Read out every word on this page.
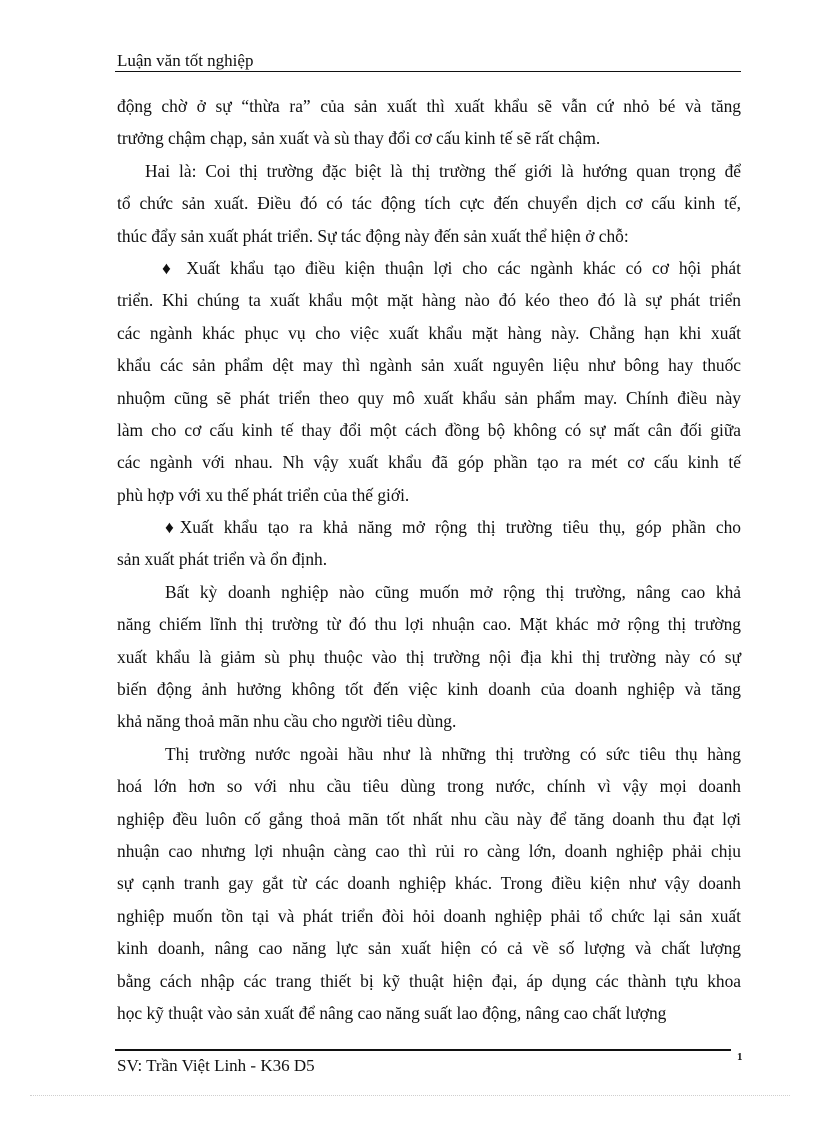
Luận văn tốt nghiệp
động chờ ở sự “thừa ra” của sản xuất thì xuất khẩu sẽ vẫn cứ nhỏ bé và tăng
trưởng chậm chạp, sản xuất và sù thay đổi cơ cấu kinh tế sẽ rất chậm.
Hai là: Coi thị trường đặc biệt là thị trường thế giới là hướng quan trọng để
tổ chức sản xuất. Điều đó có tác động tích cực đến chuyển dịch cơ cấu kinh tế,
thúc đẩy sản xuất phát triển. Sự tác động này đến sản xuất thể hiện ở chỗ:
♦ Xuất khẩu tạo điều kiện thuận lợi cho các ngành khác có cơ hội phát
triển. Khi chúng ta xuất khẩu một mặt hàng nào đó kéo theo đó là sự phát triển
các ngành khác phục vụ cho việc xuất khẩu mặt hàng này. Chẳng hạn khi xuất
khẩu các sản phẩm dệt may thì ngành sản xuất nguyên liệu như bông hay thuốc
nhuộm cũng sẽ phát triển theo quy mô xuất khẩu sản phẩm may. Chính điều này
làm cho cơ cấu kinh tế thay đổi một cách đồng bộ không có sự mất cân đối giữa
các ngành với nhau. Nh vậy xuất khẩu đã góp phần tạo ra mét cơ cấu kinh tế
phù hợp với xu thế phát triển của thế giới.
♦Xuất khẩu tạo ra khả năng mở rộng thị trường tiêu thụ, góp phần cho
sản xuất phát triển và ổn định.
Bất kỳ doanh nghiệp nào cũng muốn mở rộng thị trường, nâng cao khả
năng chiếm lĩnh thị trường từ đó thu lợi nhuận cao. Mặt khác mở rộng thị trường
xuất khẩu là giảm sù phụ thuộc vào thị trường nội địa khi thị trường này có sự
biến động ảnh hưởng không tốt đến việc kinh doanh của doanh nghiệp và tăng
khả năng thoả mãn nhu cầu cho người tiêu dùng.
Thị trường nước ngoài hầu như là những thị trường có sức tiêu thụ hàng
hoá lớn hơn so với nhu cầu tiêu dùng trong nước, chính vì vậy mọi doanh
nghiệp đều luôn cố gắng thoả mãn tốt nhất nhu cầu này để tăng doanh thu đạt lợi
nhuận cao nhưng lợi nhuận càng cao thì rủi ro càng lớn, doanh nghiệp phải chịu
sự cạnh tranh gay gắt từ các doanh nghiệp khác. Trong điều kiện như vậy doanh
nghiệp muốn tồn tại và phát triển đòi hỏi doanh nghiệp phải tổ chức lại sản xuất
kinh doanh, nâng cao năng lực sản xuất hiện có cả về số lượng và chất lượng
bằng cách nhập các trang thiết bị kỹ thuật hiện đại, áp dụng các thành tựu khoa
học kỹ thuật vào sản xuất để nâng cao năng suất lao động, nâng cao chất lượng
SV: Trần Việt Linh - K36 D5	1
